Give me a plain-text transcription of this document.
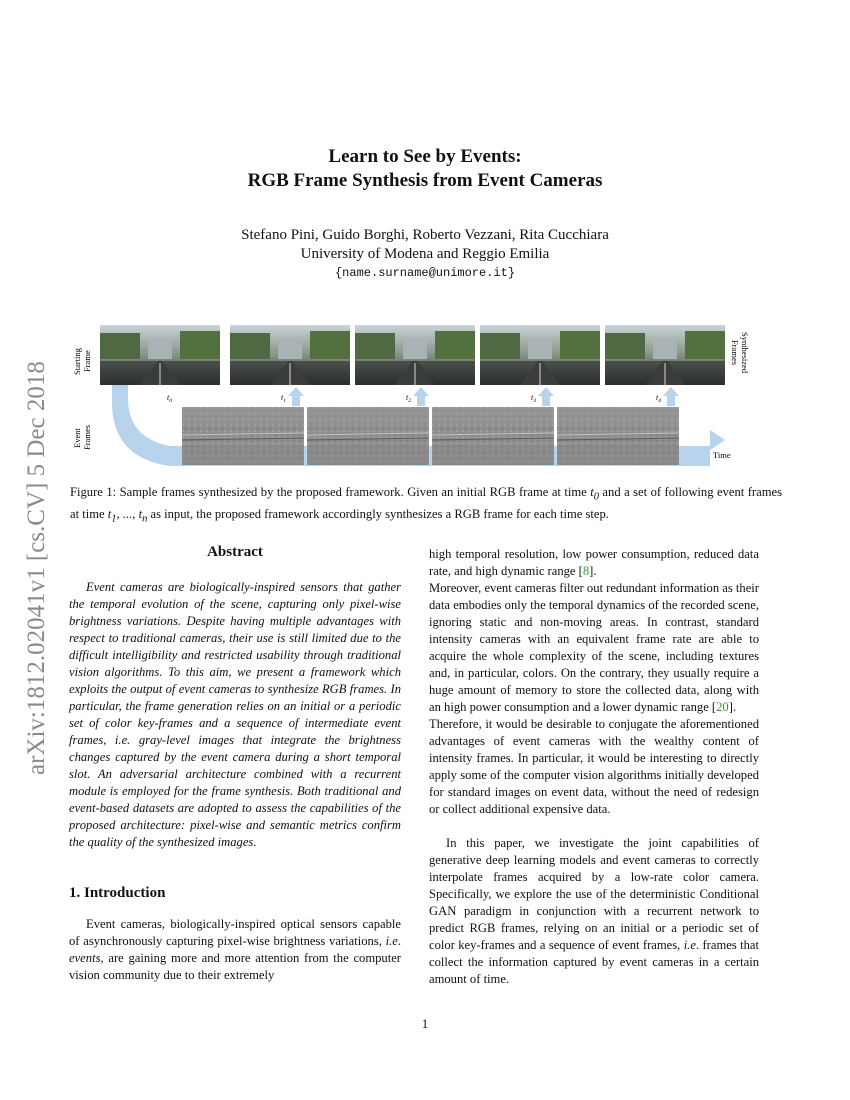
arXiv:1812.02041v1 [cs.CV] 5 Dec 2018
Learn to See by Events:
RGB Frame Synthesis from Event Cameras
Stefano Pini, Guido Borghi, Roberto Vezzani, Rita Cucchiara
University of Modena and Reggio Emilia
{name.surname@unimore.it}
Starting Frame
Event Frames
Synthesized
Frames
$t_0$	$t_1$	$t_2$	$t_3$	$t_4$
Time
Figure 1: Sample frames synthesized by the proposed framework. Given an initial RGB frame at time $t_0$ and a set of following event frames at time $t_1$, ..., $t_n$ as input, the proposed framework accordingly synthesizes a RGB frame for each time step.
Abstract

Event cameras are biologically-inspired sensors that gather the temporal evolution of the scene, capturing only pixel-wise brightness variations. Despite having multiple advantages with respect to traditional cameras, their use is still limited due to the difficult intelligibility and restricted usability through traditional vision algorithms. To this aim, we present a framework which exploits the output of event cameras to synthesize RGB frames. In particular, the frame generation relies on an initial or a periodic set of color key-frames and a sequence of intermediate event frames, i.e. gray-level images that integrate the brightness changes captured by the event camera during a short temporal slot. An adversarial architecture combined with a recurrent module is employed for the frame synthesis. Both traditional and event-based datasets are adopted to assess the capabilities of the proposed architecture: pixel-wise and semantic metrics confirm the quality of the synthesized images.

1. Introduction

Event cameras, biologically-inspired optical sensors capable of asynchronously capturing pixel-wise brightness variations, i.e. events, are gaining more and more attention from the computer vision community due to their extremely

high temporal resolution, low power consumption, reduced data rate, and high dynamic range [8].

Moreover, event cameras filter out redundant information as their data embodies only the temporal dynamics of the recorded scene, ignoring static and non-moving areas. In contrast, standard intensity cameras with an equivalent frame rate are able to acquire the whole complexity of the scene, including textures and, in particular, colors. On the contrary, they usually require a huge amount of memory to store the collected data, along with an high power consumption and a lower dynamic range [20].

Therefore, it would be desirable to conjugate the aforementioned advantages of event cameras with the wealthy content of intensity frames. In particular, it would be interesting to directly apply some of the computer vision algorithms initially developed for standard images on event data, without the need of redesign or collect additional expensive data.

In this paper, we investigate the joint capabilities of generative deep learning models and event cameras to correctly interpolate frames acquired by a low-rate color camera. Specifically, we explore the use of the deterministic Conditional GAN paradigm in conjunction with a recurrent network to predict RGB frames, relying on an initial or a periodic set of color key-frames and a sequence of event frames, i.e. frames that collect the information captured by event cameras in a certain amount of time.

1
